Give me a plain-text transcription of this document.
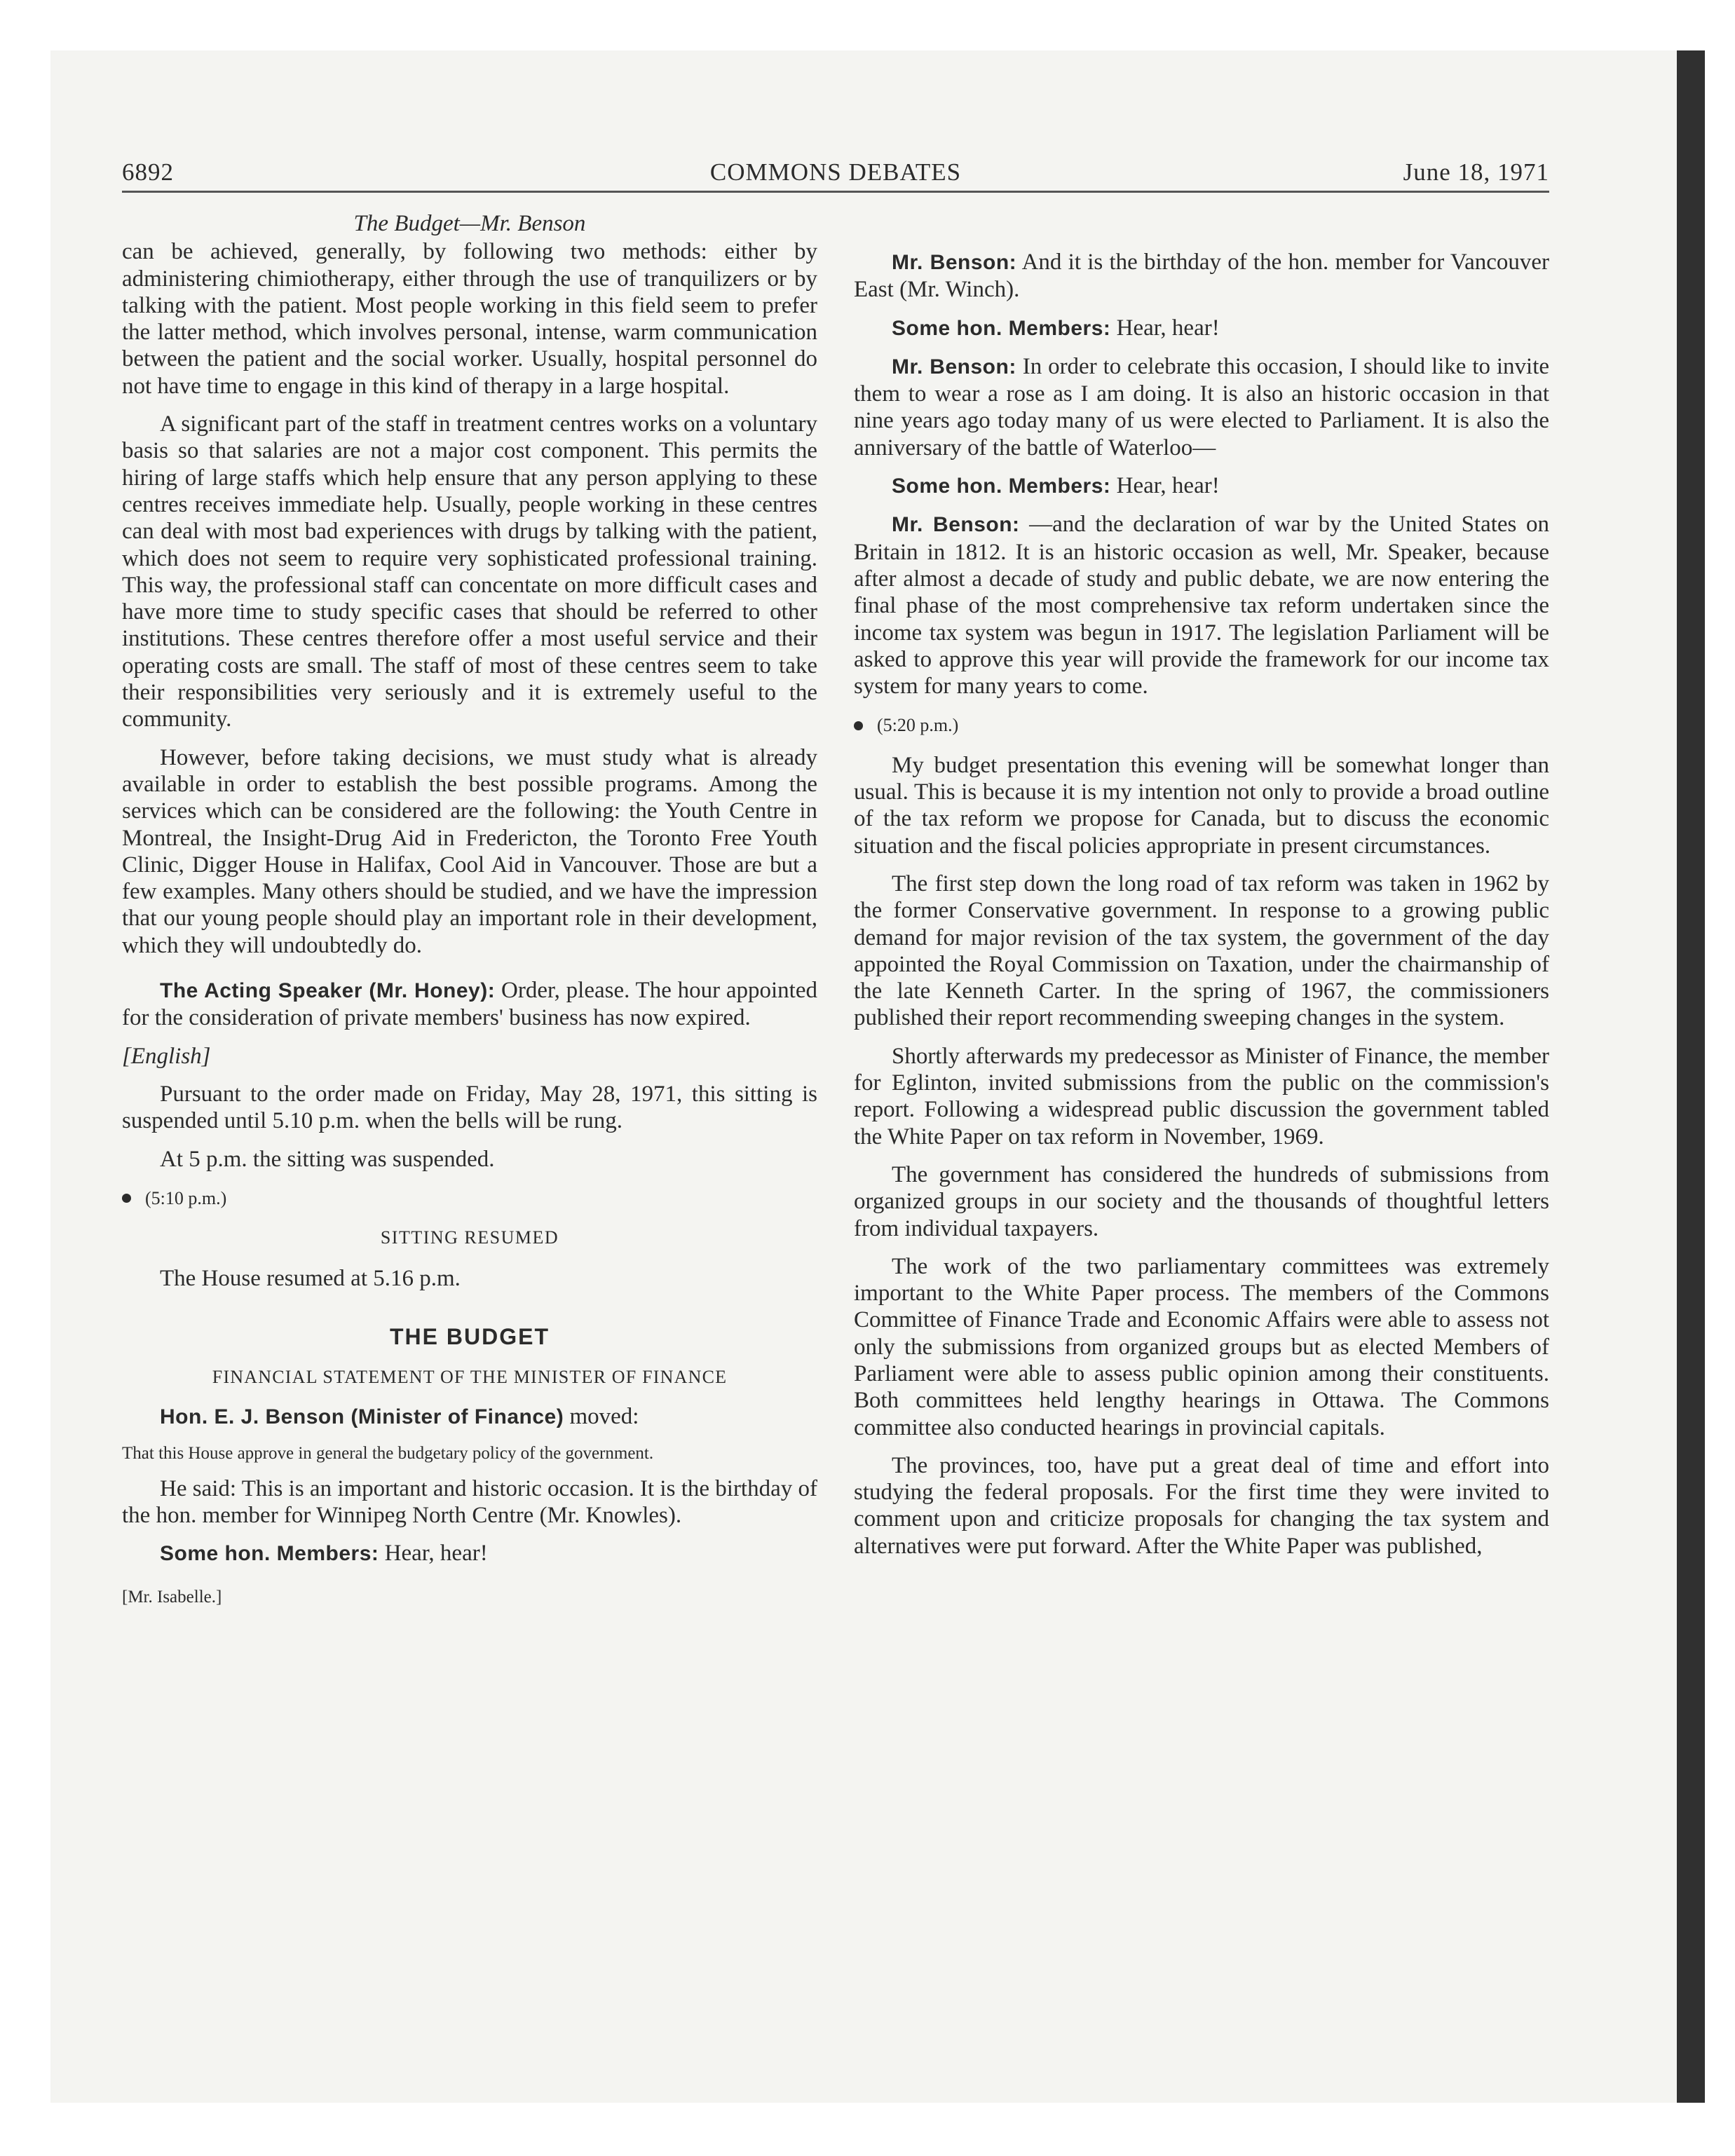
6892	COMMONS DEBATES	June 18, 1971
The Budget—Mr. Benson

can be achieved, generally, by following two methods: either by administering chimiotherapy, either through the use of tranquilizers or by talking with the patient. Most people working in this field seem to prefer the latter method, which involves personal, intense, warm communication between the patient and the social worker. Usually, hospital personnel do not have time to engage in this kind of therapy in a large hospital.

A significant part of the staff in treatment centres works on a voluntary basis so that salaries are not a major cost component. This permits the hiring of large staffs which help ensure that any person applying to these centres receives immediate help. Usually, people working in these centres can deal with most bad experiences with drugs by talking with the patient, which does not seem to require very sophisticated professional training. This way, the professional staff can concentate on more difficult cases and have more time to study specific cases that should be referred to other institutions. These centres therefore offer a most useful service and their operating costs are small. The staff of most of these centres seem to take their responsibilities very seriously and it is extremely useful to the community.

However, before taking decisions, we must study what is already available in order to establish the best possible programs. Among the services which can be considered are the following: the Youth Centre in Montreal, the Insight-Drug Aid in Fredericton, the Toronto Free Youth Clinic, Digger House in Halifax, Cool Aid in Vancouver. Those are but a few examples. Many others should be studied, and we have the impression that our young people should play an important role in their development, which they will undoubtedly do.

The Acting Speaker (Mr. Honey): Order, please. The hour appointed for the consideration of private members' business has now expired.

[English]

Pursuant to the order made on Friday, May 28, 1971, this sitting is suspended until 5.10 p.m. when the bells will be rung.

At 5 p.m. the sitting was suspended.

(5:10 p.m.)
SITTING RESUMED

The House resumed at 5.16 p.m.

THE BUDGET
FINANCIAL STATEMENT OF THE MINISTER OF FINANCE

Hon. E. J. Benson (Minister of Finance) moved:

That this House approve in general the budgetary policy of the government.

He said: This is an important and historic occasion. It is the birthday of the hon. member for Winnipeg North Centre (Mr. Knowles).

Some hon. Members: Hear, hear!

[Mr. Isabelle.]

Mr. Benson: And it is the birthday of the hon. member for Vancouver East (Mr. Winch).

Some hon. Members: Hear, hear!

Mr. Benson: In order to celebrate this occasion, I should like to invite them to wear a rose as I am doing. It is also an historic occasion in that nine years ago today many of us were elected to Parliament. It is also the anniversary of the battle of Waterloo—

Some hon. Members: Hear, hear!

Mr. Benson: —and the declaration of war by the United States on Britain in 1812. It is an historic occasion as well, Mr. Speaker, because after almost a decade of study and public debate, we are now entering the final phase of the most comprehensive tax reform undertaken since the income tax system was begun in 1917. The legislation Parliament will be asked to approve this year will provide the framework for our income tax system for many years to come.

(5:20 p.m.)

My budget presentation this evening will be somewhat longer than usual. This is because it is my intention not only to provide a broad outline of the tax reform we propose for Canada, but to discuss the economic situation and the fiscal policies appropriate in present circumstances.

The first step down the long road of tax reform was taken in 1962 by the former Conservative government. In response to a growing public demand for major revision of the tax system, the government of the day appointed the Royal Commission on Taxation, under the chairmanship of the late Kenneth Carter. In the spring of 1967, the commissioners published their report recommending sweeping changes in the system.

Shortly afterwards my predecessor as Minister of Finance, the member for Eglinton, invited submissions from the public on the commission's report. Following a widespread public discussion the government tabled the White Paper on tax reform in November, 1969.

The government has considered the hundreds of submissions from organized groups in our society and the thousands of thoughtful letters from individual taxpayers.

The work of the two parliamentary committees was extremely important to the White Paper process. The members of the Commons Committee of Finance Trade and Economic Affairs were able to assess not only the submissions from organized groups but as elected Members of Parliament were able to assess public opinion among their constituents. Both committees held lengthy hearings in Ottawa. The Commons committee also conducted hearings in provincial capitals.

The provinces, too, have put a great deal of time and effort into studying the federal proposals. For the first time they were invited to comment upon and criticize proposals for changing the tax system and alternatives were put forward. After the White Paper was published,
